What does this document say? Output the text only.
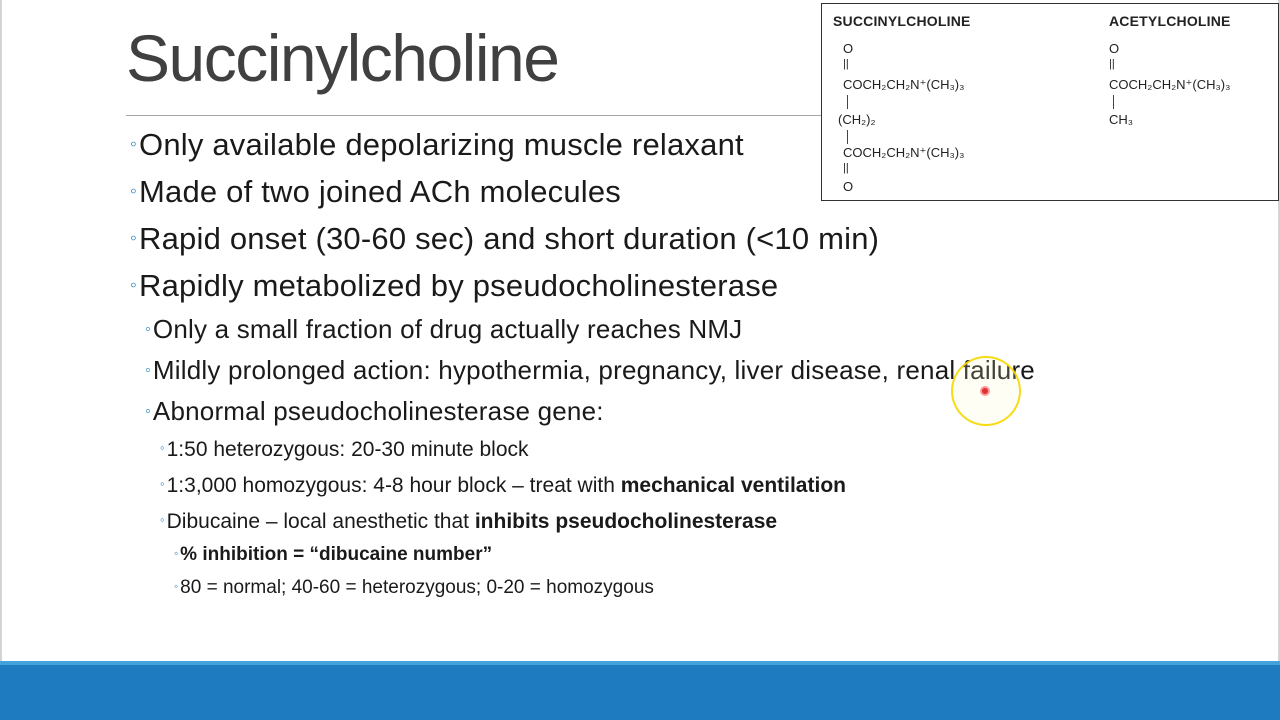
Succinylcholine
◦Only available depolarizing muscle relaxant
◦Made of two joined ACh molecules
◦Rapid onset (30-60 sec) and short duration (<10 min)
◦Rapidly metabolized by pseudocholinesterase
◦Only a small fraction of drug actually reaches NMJ
◦Mildly prolonged action: hypothermia, pregnancy, liver disease, renal failure
◦Abnormal pseudocholinesterase gene:
◦1:50 heterozygous: 20-30 minute block
◦1:3,000 homozygous: 4-8 hour block – treat with mechanical ventilation
◦Dibucaine – local anesthetic that inhibits pseudocholinesterase
◦ % inhibition = “dibucaine number”
◦ 80 = normal; 40-60 = heterozygous; 0-20 = homozygous
SUCCINYLCHOLINE	ACETYLCHOLINE
O
||
COCH₂CH₂N⁺(CH₃)₃
(CH₂)₂
COCH₂CH₂N⁺(CH₃)₃
||
O
O
||
COCH₂CH₂N⁺(CH₃)₃
CH₃
